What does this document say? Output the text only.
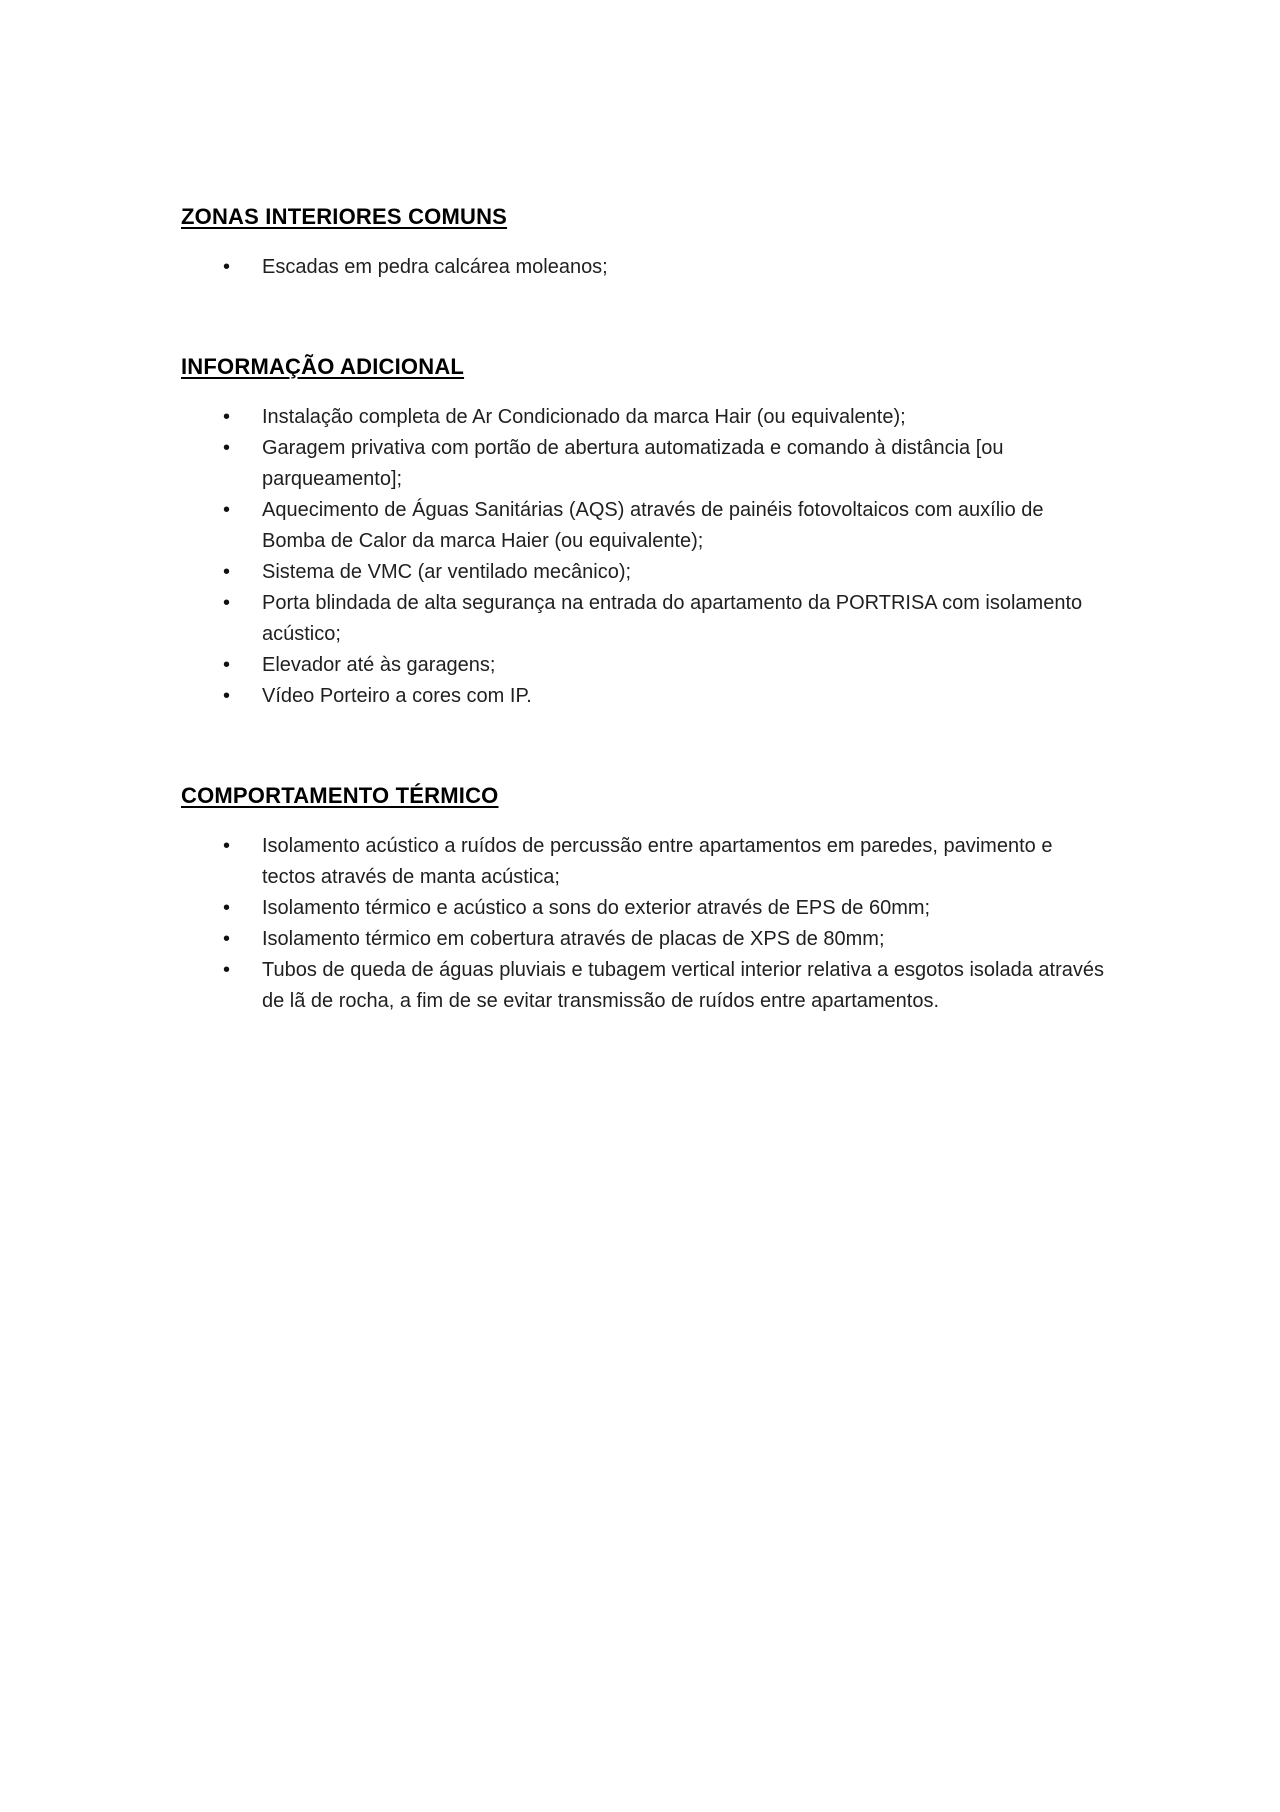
ZONAS INTERIORES COMUNS
• Escadas em pedra calcárea moleanos;
INFORMAÇÃO ADICIONAL
• Instalação completa de Ar Condicionado da marca Hair (ou equivalente);
• Garagem privativa com portão de abertura automatizada e comando à distância [ou parqueamento];
• Aquecimento de Águas Sanitárias (AQS) através de painéis fotovoltaicos com auxílio de Bomba de Calor da marca Haier (ou equivalente);
• Sistema de VMC (ar ventilado mecânico);
• Porta blindada de alta segurança na entrada do apartamento da PORTRISA com isolamento acústico;
• Elevador até às garagens;
• Vídeo Porteiro a cores com IP.
COMPORTAMENTO TÉRMICO
• Isolamento acústico a ruídos de percussão entre apartamentos em paredes, pavimento e tectos através de manta acústica;
• Isolamento térmico e acústico a sons do exterior através de EPS de 60mm;
• Isolamento térmico em cobertura através de placas de XPS de 80mm;
• Tubos de queda de águas pluviais e tubagem vertical interior relativa a esgotos isolada através de lã de rocha, a fim de se evitar transmissão de ruídos entre apartamentos.
